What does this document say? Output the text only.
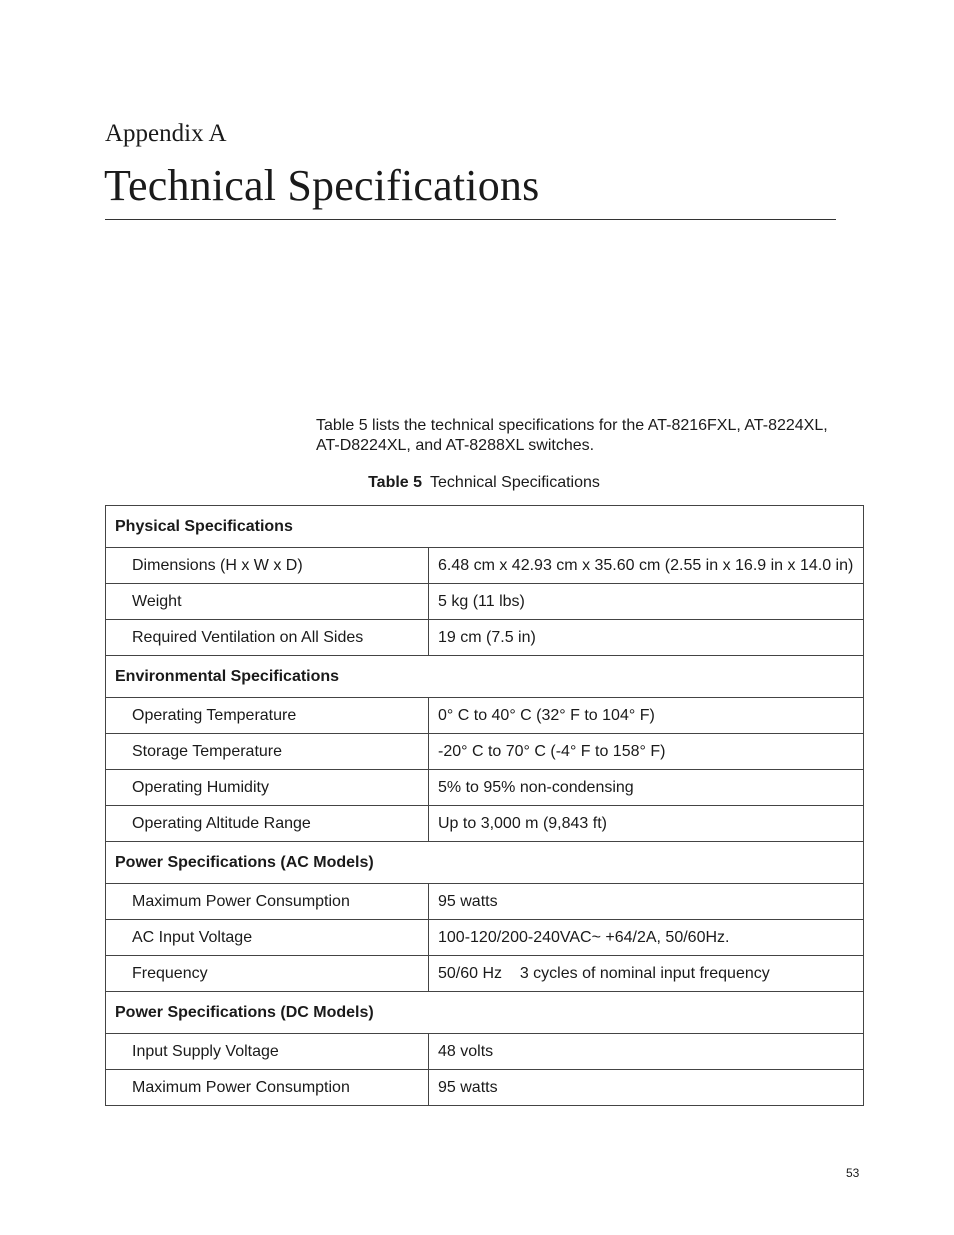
Appendix A
Technical Specifications

Table 5 lists the technical specifications for the AT-8216FXL, AT-8224XL, AT-D8224XL, and AT-8288XL switches.

Table 5 Technical Specifications
Physical Specifications	
Dimensions (H x W x D)	6.48 cm x 42.93 cm x 35.60 cm (2.55 in x 16.9 in x 14.0 in)
Weight	5 kg (11 lbs)
Required Ventilation on All Sides	19 cm (7.5 in)
Environmental Specifications	
Operating Temperature	0° C to 40° C (32° F to 104° F)
Storage Temperature	-20° C to 70° C (-4° F to 158° F)
Operating Humidity	5% to 95% non-condensing
Operating Altitude Range	Up to 3,000 m (9,843 ft)
Power Specifications (AC Models)	
Maximum Power Consumption	95 watts
AC Input Voltage	100-120/200-240VAC~ +64/2A, 50/60Hz.
Frequency	50/60 Hz    3 cycles of nominal input frequency
Power Specifications (DC Models)	
Input Supply Voltage	48 volts
Maximum Power Consumption	95 watts
53
